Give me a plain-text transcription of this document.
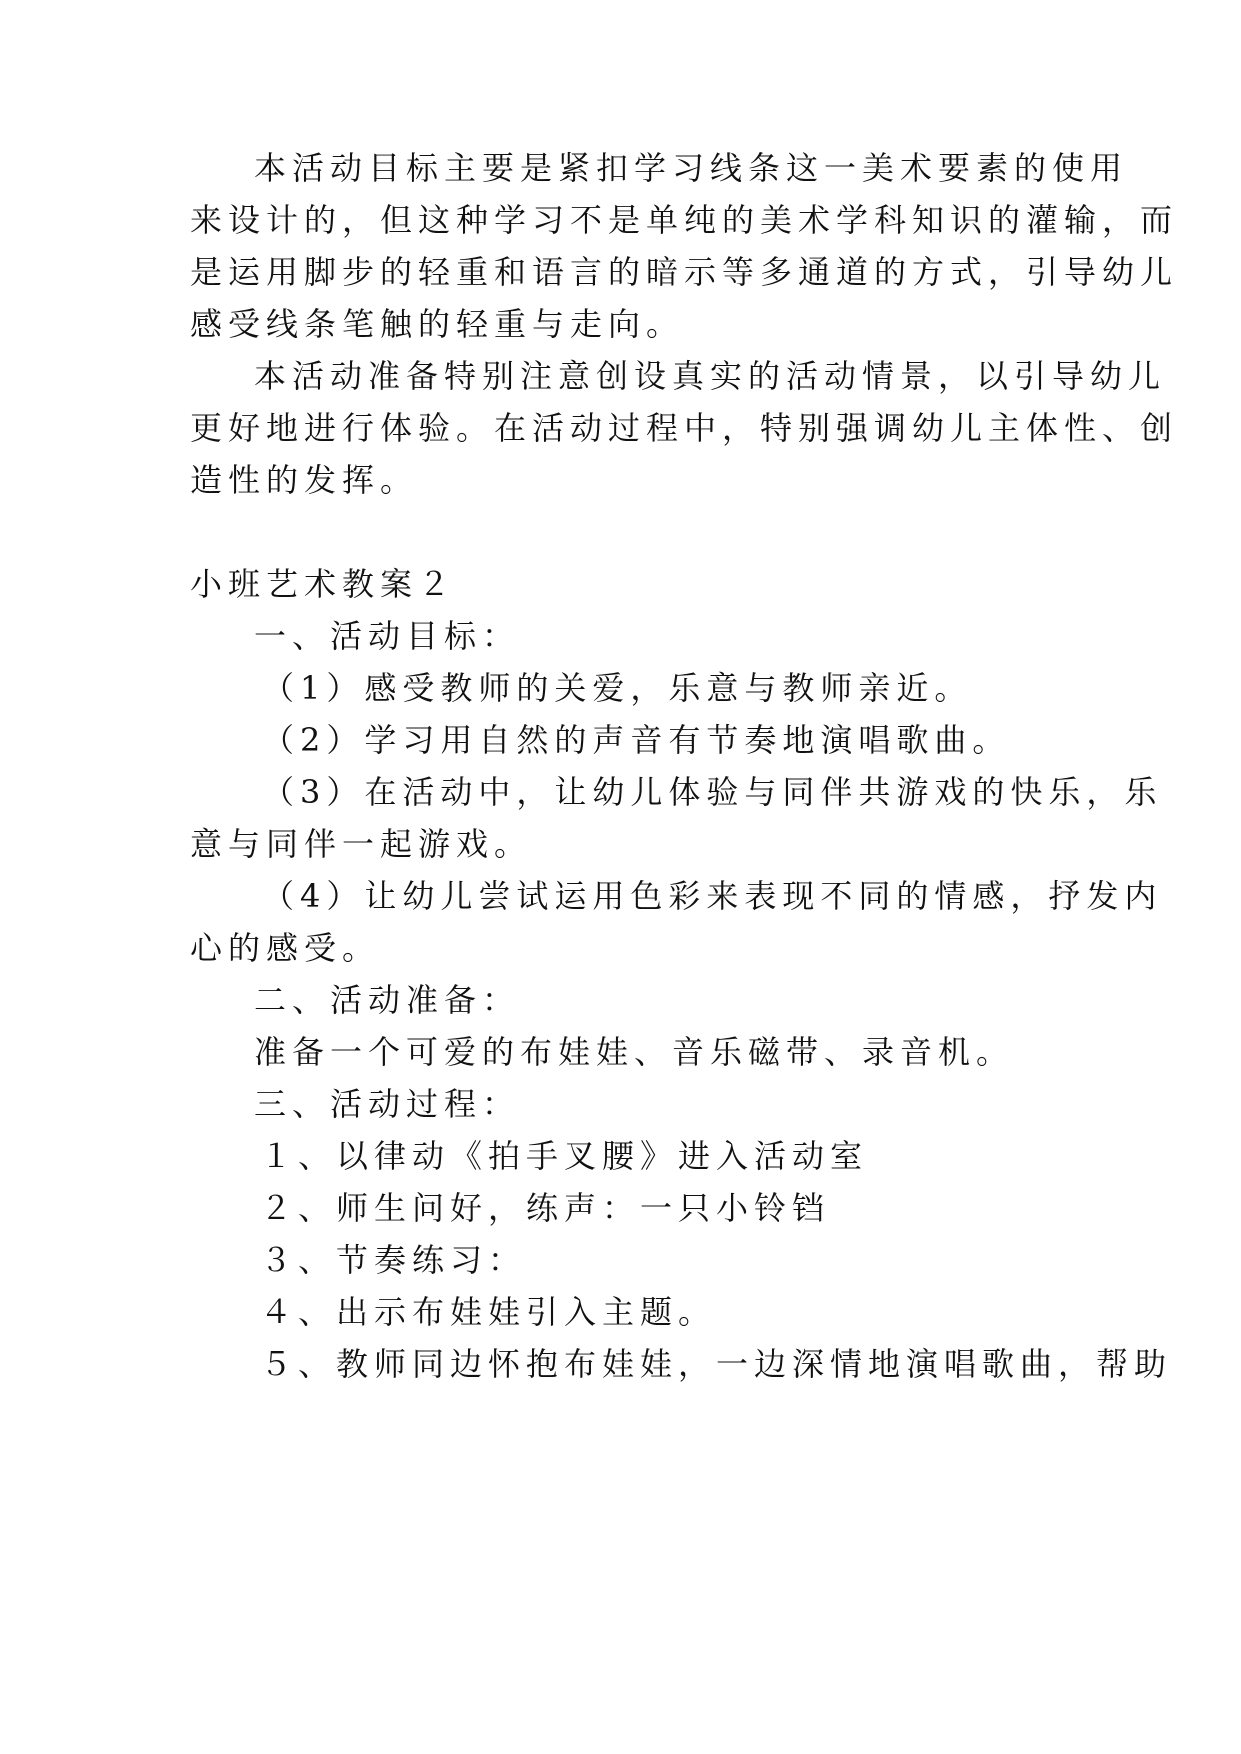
本活动目标主要是紧扣学习线条这一美术要素的使用
来设计的，但这种学习不是单纯的美术学科知识的灌输，而
是运用脚步的轻重和语言的暗示等多通道的方式，引导幼儿
感受线条笔触的轻重与走向。
本活动准备特别注意创设真实的活动情景，以引导幼儿
更好地进行体验。在活动过程中，特别强调幼儿主体性、创
造性的发挥。
小班艺术教案２
一、活动目标：
（1）感受教师的关爱，乐意与教师亲近。
（2）学习用自然的声音有节奏地演唱歌曲。
（3）在活动中，让幼儿体验与同伴共游戏的快乐，乐
意与同伴一起游戏。
（4）让幼儿尝试运用色彩来表现不同的情感，抒发内
心的感受。
二、活动准备：
准备一个可爱的布娃娃、音乐磁带、录音机。
三、活动过程：
１、以律动《拍手叉腰》进入活动室
２、师生问好，练声：一只小铃铛
３、节奏练习：
４、出示布娃娃引入主题。
５、教师同边怀抱布娃娃，一边深情地演唱歌曲，帮助
